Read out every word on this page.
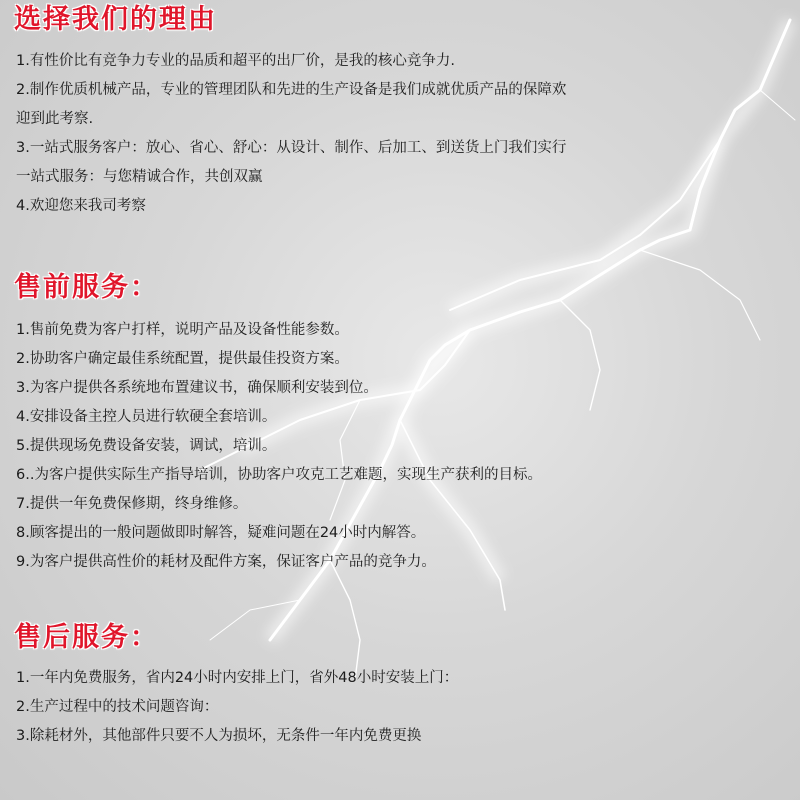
选择我们的理由
1.有性价比有竞争力专业的品质和超平的出厂价，是我的核心竞争力.
2.制作优质机械产品，专业的管理团队和先进的生产设备是我们成就优质产品的保障欢
迎到此考察.
3.一站式服务客户：放心、省心、舒心：从设计、制作、后加工、到送货上门我们实行
一站式服务：与您精诚合作，共创双赢
4.欢迎您来我司考察
售前服务：
1.售前免费为客户打样，说明产品及设备性能参数。
2.协助客户确定最佳系统配置，提供最佳投资方案。
3.为客户提供各系统地布置建议书，确保顺利安装到位。
4.安排设备主控人员进行软硬全套培训。
5.提供现场免费设备安装，调试，培训。
6..为客户提供实际生产指导培训，协助客户攻克工艺难题，实现生产获利的目标。
7.提供一年免费保修期，终身维修。
8.顾客提出的一般问题做即时解答，疑难问题在24小时内解答。
9.为客户提供高性价的耗材及配件方案，保证客户产品的竞争力。
售后服务：
1.一年内免费服务，省内24小时内安排上门，省外48小时安装上门：
2.生产过程中的技术问题咨询：
3.除耗材外，其他部件只要不人为损坏，无条件一年内免费更换
